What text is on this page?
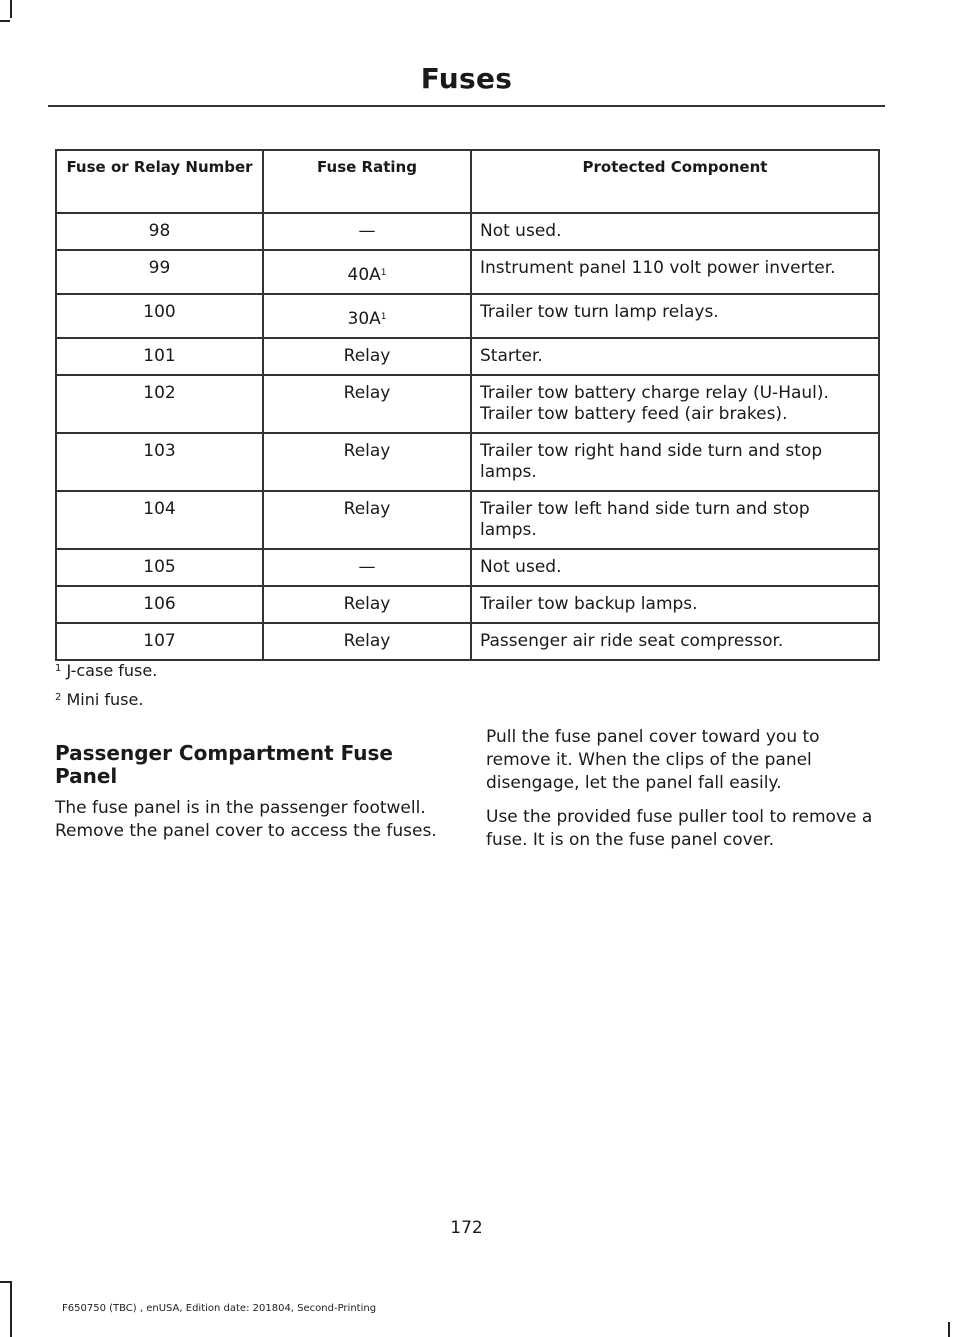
Fuses
Fuse or Relay Number	Fuse Rating	Protected Component
98	—	Not used.
99	$40A^1$	Instrument panel 110 volt power inverter.
100	$30A^1$	Trailer tow turn lamp relays.
101	Relay	Starter.
102	Relay	Trailer tow battery charge relay (U-Haul). Trailer tow battery feed (air brakes).
103	Relay	Trailer tow right hand side turn and stop lamps.
104	Relay	Trailer tow left hand side turn and stop lamps.
105	—	Not used.
106	Relay	Trailer tow backup lamps.
107	Relay	Passenger air ride seat compressor.
$^1$ J-case fuse.
$^2$ Mini fuse.
Passenger Compartment Fuse Panel
The fuse panel is in the passenger footwell. Remove the panel cover to access the fuses.

Pull the fuse panel cover toward you to remove it. When the clips of the panel disengage, let the panel fall easily.

Use the provided fuse puller tool to remove a fuse. It is on the fuse panel cover.

172
F650750 (TBC) , enUSA, Edition date: 201804, Second-Printing
